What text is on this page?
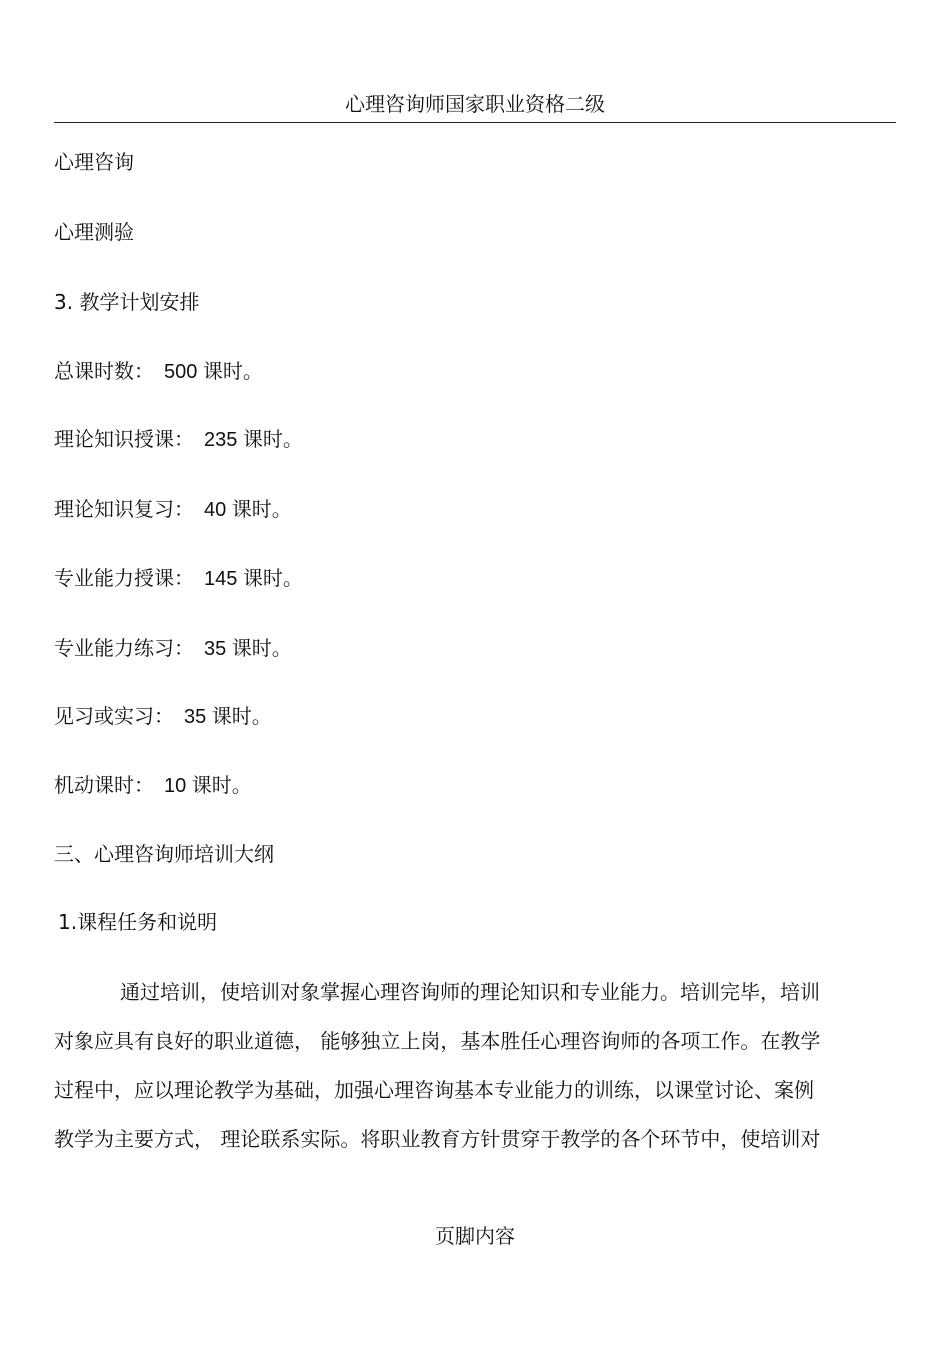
心理咨询师国家职业资格二级
心理咨询
心理测验
3. 教学计划安排
总课时数： 500 课时。
理论知识授课： 235 课时。
理论知识复习： 40 课时。
专业能力授课： 145 课时。
专业能力练习： 35 课时。
见习或实习： 35 课时。
机动课时： 10 课时。
三、心理咨询师培训大纲
1.课程任务和说明
通过培训，使培训对象掌握心理咨询师的理论知识和专业能力。培训完毕，培训
对象应具有良好的职业道德， 能够独立上岗，基本胜任心理咨询师的各项工作。在教学
过程中，应以理论教学为基础，加强心理咨询基本专业能力的训练，以课堂讨论、案例
教学为主要方式， 理论联系实际。将职业教育方针贯穿于教学的各个环节中，使培训对
页脚内容
